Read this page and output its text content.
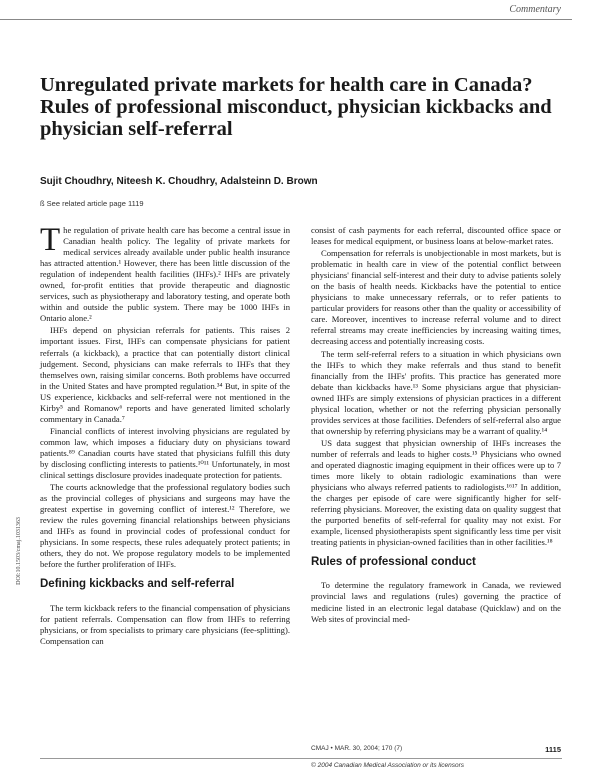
Commentary
Unregulated private markets for health care in Canada? Rules of professional misconduct, physician kickbacks and physician self-referral
Sujit Choudhry, Niteesh K. Choudhry, Adalsteinn D. Brown
ß See related article page 1119
DOI:10.1503/cmaj.1031363

The regulation of private health care has become a central issue in Canadian health policy. The legality of private markets for medical services already available under public health insurance has attracted attention.¹ However, there has been little discussion of the regulation of independent health facilities (IHFs).² IHFs are privately owned, for-profit entities that provide therapeutic and diagnostic services, such as physiotherapy and laboratory testing, and operate both within and outside the public system. There may be 1000 IHFs in Ontario alone.²

IHFs depend on physician referrals for patients. This raises 2 important issues. First, IHFs can compensate physicians for patient referrals (a kickback), a practice that can potentially distort clinical judgement. Second, physicians can make referrals to IHFs that they themselves own, raising similar concerns. Both problems have occurred in the United States and have prompted regulation.³⁴ But, in spite of the US experience, kickbacks and self-referral were not mentioned in the Kirby⁵ and Romanow⁶ reports and have generated limited scholarly commentary in Canada.⁷

Financial conflicts of interest involving physicians are regulated by common law, which imposes a fiduciary duty on physicians toward patients.⁸⁹ Canadian courts have stated that physicians fulfill this duty by disclosing conflicting interests to patients.¹⁰¹¹ Unfortunately, in most clinical settings disclosure provides inadequate protection for patients.

The courts acknowledge that the professional regulatory bodies such as the provincial colleges of physicians and surgeons may have the greatest expertise in governing conflict of interest.¹² Therefore, we review the rules governing financial relationships between physicians and IHFs as found in provincial codes of professional conduct for physicians. In some respects, these rules adequately protect patients; in others, they do not. We propose regulatory models to be implemented before the further proliferation of IHFs.

Defining kickbacks and self-referral

The term kickback refers to the financial compensation of physicians for patient referrals. Compensation can flow from IHFs to referring physicians, or from specialists to primary care physicians (fee-splitting). Compensation can

consist of cash payments for each referral, discounted office space or leases for medical equipment, or business loans at below-market rates.

Compensation for referrals is unobjectionable in most markets, but is problematic in health care in view of the potential conflict between physicians' financial self-interest and their duty to advise patients solely on the basis of health needs. Kickbacks have the potential to entice physicians to make unnecessary referrals, or to refer patients to particular providers for reasons other than the quality or accessibility of care. Moreover, incentives to increase referral volume and to direct referral streams may create inefficiencies by increasing waiting times, decreasing access and potentially increasing costs.

The term self-referral refers to a situation in which physicians own the IHFs to which they make referrals and thus stand to benefit financially from the IHFs' profits. This practice has generated more debate than kickbacks have.¹³ Some physicians argue that physician-owned IHFs are simply extensions of physician practices in a different physical location, whether or not the referring physician personally provides services at those facilities. Defenders of self-referral also argue that ownership by referring physicians may be a warrant of quality.¹⁴

US data suggest that physician ownership of IHFs increases the number of referrals and leads to higher costs.¹⁵ Physicians who owned and operated diagnostic imaging equipment in their offices were up to 7 times more likely to obtain radiologic examinations than were physicians who always referred patients to radiologists.¹⁶¹⁷ In addition, the charges per episode of care were significantly higher for self-referring physicians. Moreover, the existing data on quality suggest that the purported benefits of self-referral for quality may not exist. For example, licensed physiotherapists spent significantly less time per visit treating patients in physician-owned facilities than in other facilities.¹⁸

Rules of professional conduct

To determine the regulatory framework in Canada, we reviewed provincial laws and regulations (rules) governing the practice of medicine listed in an electronic legal database (Quicklaw) and on the Web sites of provincial med-

CMAJ • MAR. 30, 2004; 170 (7)	1115
© 2004 Canadian Medical Association or its licensors
